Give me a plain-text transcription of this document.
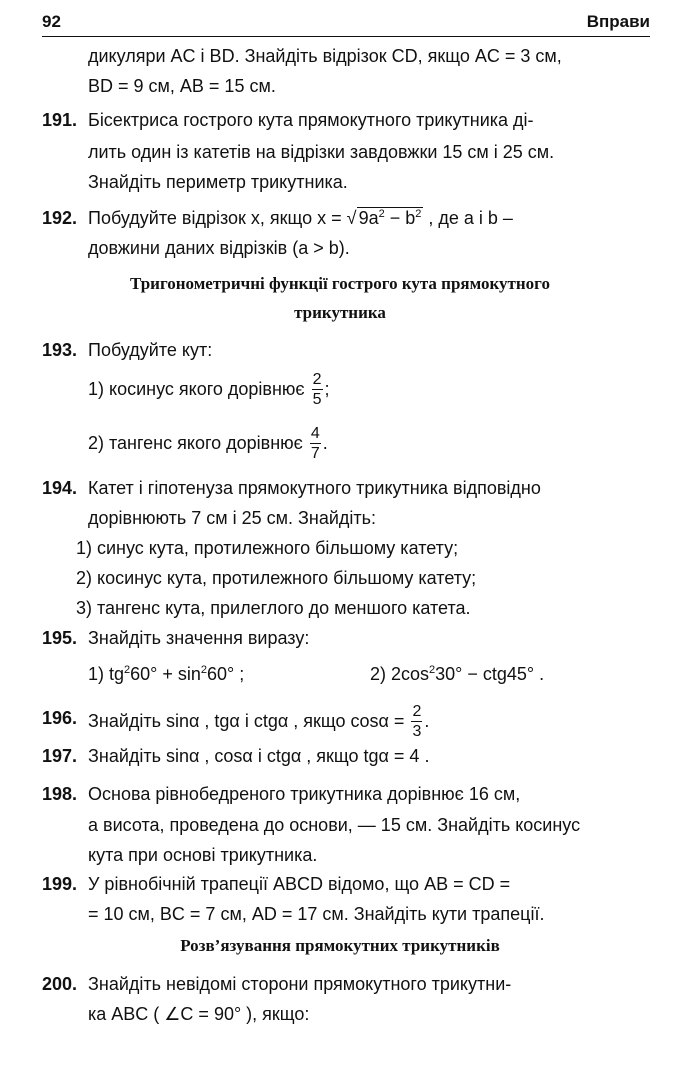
92	Вправи
дикуляри AC і BD. Знайдіть відрізок CD, якщо AC = 3 см,
BD = 9 см, AB = 15 см.
191. Бісектриса гострого кута прямокутного трикутника ді-
лить один із катетів на відрізки завдовжки 15 см і 25 см.
Знайдіть периметр трикутника.
192. Побудуйте відрізок x, якщо x = √ $9a^2 - b^2$ , де a і b –
довжини даних відрізків (a > b).
Тригонометричні функції гострого кута прямокутного
трикутника
193. Побудуйте кут:
1) косинус якого дорівнює $\frac{2}{5}$ ;
2) тангенс якого дорівнює $\frac{4}{7}$ .
194. Катет і гіпотенуза прямокутного трикутника відповідно
дорівнюють 7 см і 25 см. Знайдіть:
1) синус кута, протилежного більшому катету;
2) косинус кута, протилежного більшому катету;
3) тангенс кута, прилеглого до меншого катета.
195. Знайдіть значення виразу:
1) $tg^260^\circ + \sin^260^\circ$ ;	2) $2\cos^230^\circ - ctg45^\circ$ .
196. Знайдіть sinα , tgα і ctgα , якщо $\cos\alpha = \frac{2}{3}$ .
197. Знайдіть sinα , cosα і ctgα , якщо tgα = 4 .
198. Основа рівнобедреного трикутника дорівнює 16 см,
а висота, проведена до основи, — 15 см. Знайдіть косинус
кута при основі трикутника.
199. У рівнобічній трапеції ABCD відомо, що AB = CD =
= 10 см, BC = 7 см, AD = 17 см. Знайдіть кути трапеції.
Розв’язування прямокутних трикутників
200. Знайдіть невідомі сторони прямокутного трикутни-
ка ABC ( ∠C = 90° ), якщо:
